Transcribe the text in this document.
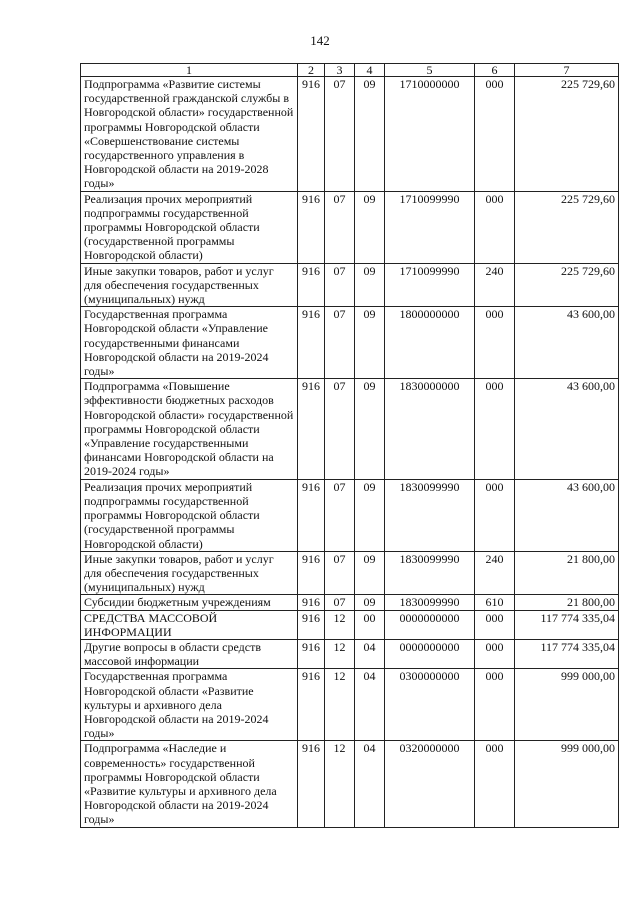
142
1	2	3	4	5	6	7
Подпрограмма «Развитие системы государственной гражданской службы в Новгородской области» государственной программы Новгородской области «Совершенствование системы государственного управления в Новгородской области на 2019-2028 годы»	916	07	09	1710000000	000	225 729,60
Реализация прочих мероприятий подпрограммы государственной программы Новгородской области (государственной программы Новгородской области)	916	07	09	1710099990	000	225 729,60
Иные закупки товаров, работ и услуг для обеспечения государственных (муниципальных) нужд	916	07	09	1710099990	240	225 729,60
Государственная программа Новгородской области «Управление государственными финансами Новгородской области на 2019-2024 годы»	916	07	09	1800000000	000	43 600,00
Подпрограмма «Повышение эффективности бюджетных расходов Новгородской области» государственной программы Новгородской области «Управление государственными финансами Новгородской области на 2019-2024 годы»	916	07	09	1830000000	000	43 600,00
Реализация прочих мероприятий подпрограммы государственной программы Новгородской области (государственной программы Новгородской области)	916	07	09	1830099990	000	43 600,00
Иные закупки товаров, работ и услуг для обеспечения государственных (муниципальных) нужд	916	07	09	1830099990	240	21 800,00
Субсидии бюджетным учреждениям	916	07	09	1830099990	610	21 800,00
СРЕДСТВА МАССОВОЙ ИНФОРМАЦИИ	916	12	00	0000000000	000	117 774 335,04
Другие вопросы в области средств массовой информации	916	12	04	0000000000	000	117 774 335,04
Государственная программа Новгородской области «Развитие культуры и архивного дела Новгородской области на 2019-2024 годы»	916	12	04	0300000000	000	999 000,00
Подпрограмма «Наследие и современность» государственной программы Новгородской области «Развитие культуры и архивного дела Новгородской области на 2019-2024 годы»	916	12	04	0320000000	000	999 000,00
